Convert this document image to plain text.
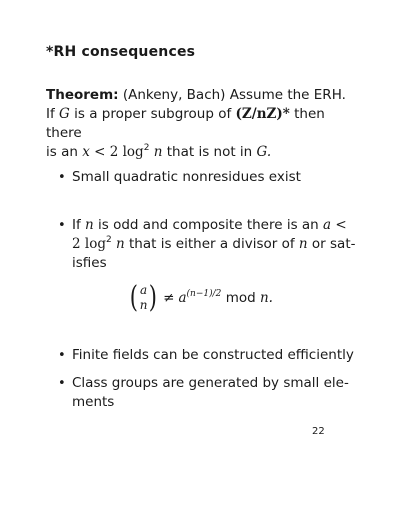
*RH consequences
Theorem: (Ankeny, Bach) Assume the ERH.
If G is a proper subgroup of (Z/nZ)* then there
is an x < 2 $\log^2 n$ that is not in G.
• Small quadratic nonresidues exist
• If n is odd and composite there is an a <
2 $\log^2 n$ that is either a divisor of n or sat-
isfies
( a
n ) ≠ $a^{(n-1)/2}$ mod n.
• Finite fields can be constructed efficiently
• Class groups are generated by small ele-
ments
22
